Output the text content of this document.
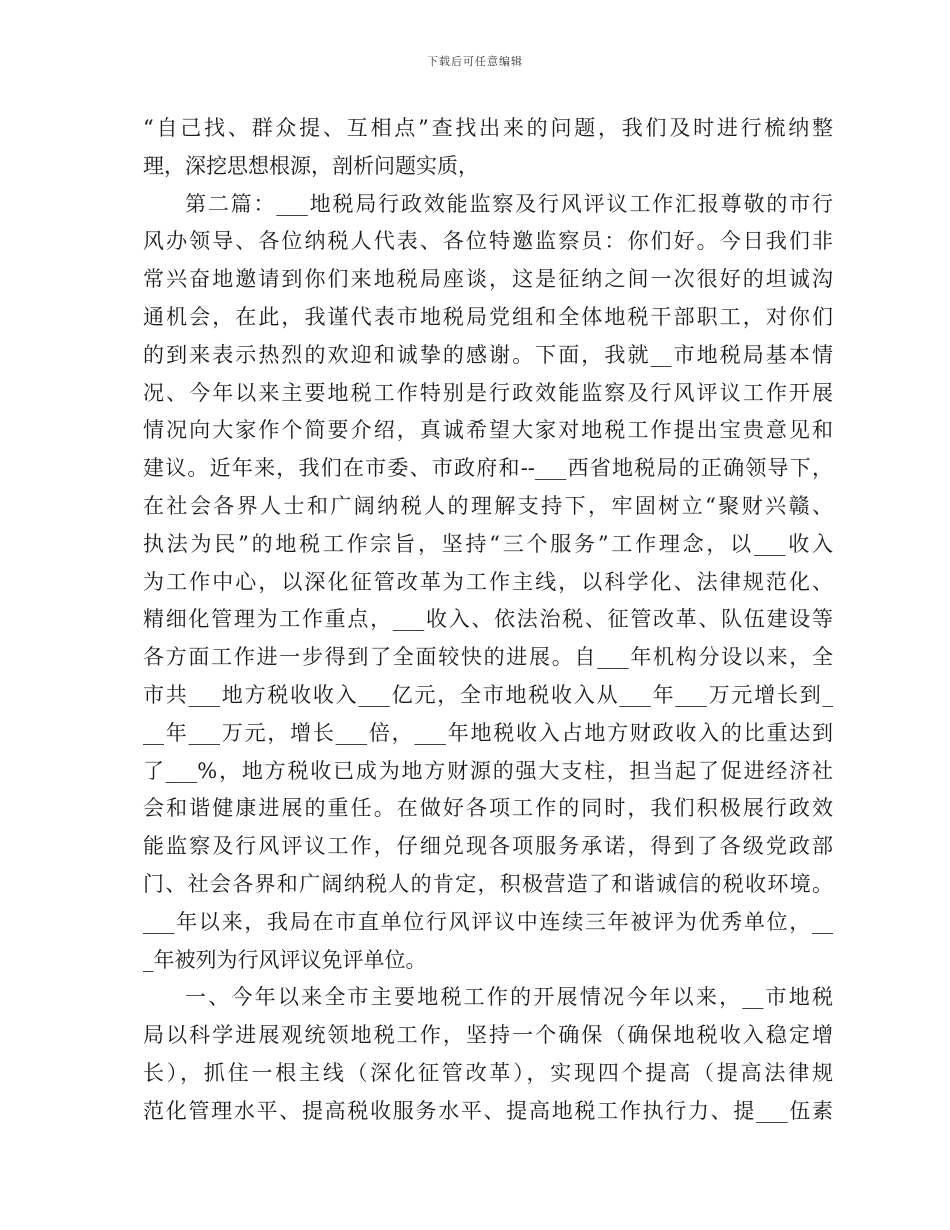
下载后可任意编辑
“自己找、群众提、互相点”查找出来的问题，我们及时进行梳纳整
理，深挖思想根源，剖析问题实质，
第二篇：___地税局行政效能监察及行风评议工作汇报尊敬的市行
风办领导、各位纳税人代表、各位特邀监察员：你们好。今日我们非
常兴奋地邀请到你们来地税局座谈，这是征纳之间一次很好的坦诚沟
通机会，在此，我谨代表市地税局党组和全体地税干部职工，对你们
的到来表示热烈的欢迎和诚挚的感谢。下面，我就__市地税局基本情
况、今年以来主要地税工作特别是行政效能监察及行风评议工作开展
情况向大家作个简要介绍，真诚希望大家对地税工作提出宝贵意见和
建议。近年来，我们在市委、市政府和--___西省地税局的正确领导下，
在社会各界人士和广阔纳税人的理解支持下，牢固树立“聚财兴赣、
执法为民”的地税工作宗旨，坚持“三个服务”工作理念，以___收入
为工作中心，以深化征管改革为工作主线，以科学化、法律规范化、
精细化管理为工作重点，___收入、依法治税、征管改革、队伍建设等
各方面工作进一步得到了全面较快的进展。自___年机构分设以来，全
市共___地方税收收入___亿元，全市地税收入从___年___万元增长到_
__年___万元，增长___倍，___年地税收入占地方财政收入的比重达到
了___%，地方税收已成为地方财源的强大支柱，担当起了促进经济社
会和谐健康进展的重任。在做好各项工作的同时，我们积极展行政效
能监察及行风评议工作，仔细兑现各项服务承诺，得到了各级党政部
门、社会各界和广阔纳税人的肯定，积极营造了和谐诚信的税收环境。
___年以来，我局在市直单位行风评议中连续三年被评为优秀单位，__
_年被列为行风评议免评单位。
一、今年以来全市主要地税工作的开展情况今年以来，__市地税
局以科学进展观统领地税工作，坚持一个确保（确保地税收入稳定增
长），抓住一根主线（深化征管改革），实现四个提高（提高法律规
范化管理水平、提高税收服务水平、提高地税工作执行力、提___伍素
